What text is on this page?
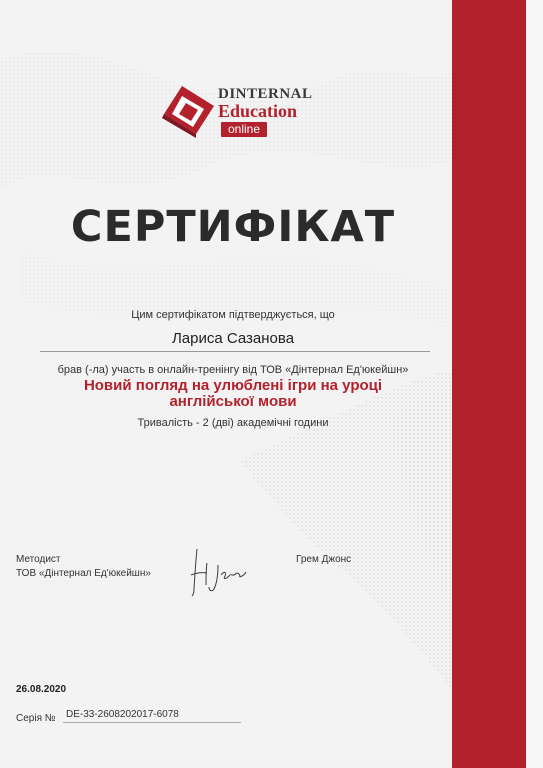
DINTERNAL
Education
online
СЕРТИФІКАТ
Цим сертифікатом підтверджується, що
Лариса Сазанова
брав (-ла) участь в онлайн-тренінгу від ТОВ «Дінтернал Ед'юкейшн»
Новий погляд на улюблені ігри на уроці англійської мови
Тривалість - 2 (дві) академічні години
Методист
ТОВ «Дінтернал Ед'юкейшн»
Грем Джонс
26.08.2020
Серія № DE-33-2608202017-6078
